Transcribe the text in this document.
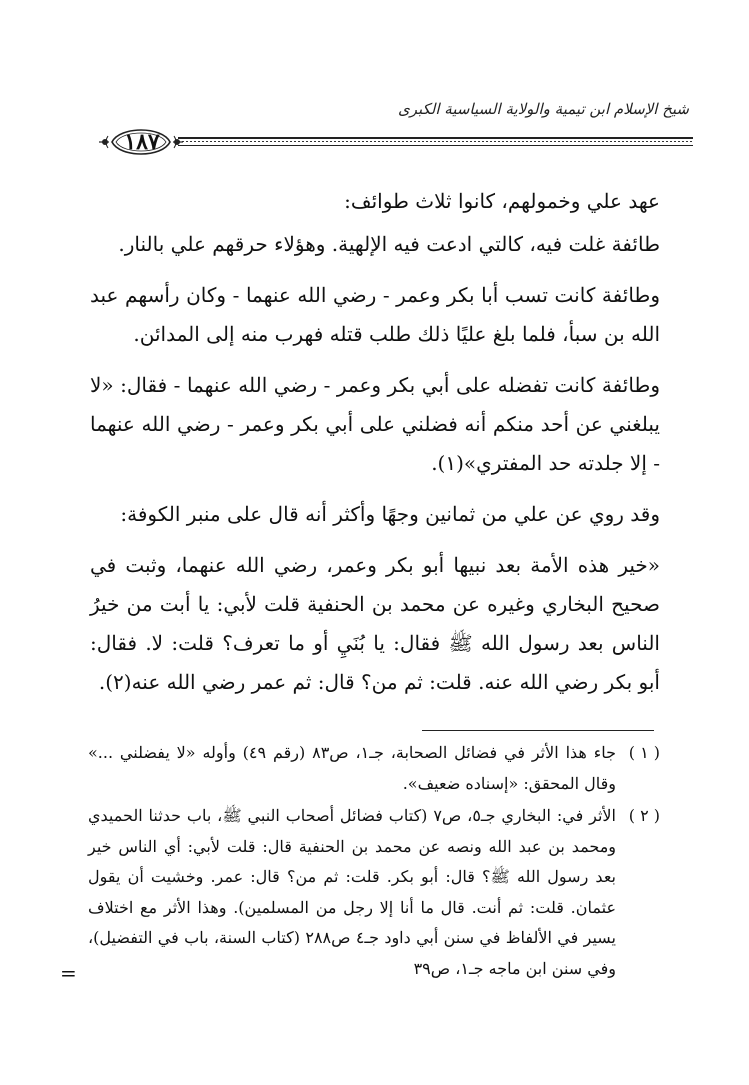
شيخ الإسلام ابن تيمية والولاية السياسية الكبرى
١٨٧

عهد علي وخمولهم، كانوا ثلاث طوائف:

طائفة غلت فيه، كالتي ادعت فيه الإلهية. وهؤلاء حرقهم علي بالنار.

وطائفة كانت تسب أبا بكر وعمر - رضي الله عنهما - وكان رأسهم عبد الله بن سبأ، فلما بلغ عليًا ذلك طلب قتله فهرب منه إلى المدائن.

وطائفة كانت تفضله على أبي بكر وعمر - رضي الله عنهما - فقال: «لا يبلغني عن أحد منكم أنه فضلني على أبي بكر وعمر - رضي الله عنهما - إلا جلدته حد المفتري»(١).

وقد روي عن علي من ثمانين وجهًا وأكثر أنه قال على منبر الكوفة:

«خير هذه الأمة بعد نبيها أبو بكر وعمر، رضي الله عنهما، وثبت في صحيح البخاري وغيره عن محمد بن الحنفية قلت لأبي: يا أبت من خيرُ الناس بعد رسول الله ﷺ فقال: يا بُنَيِ أو ما تعرف؟ قلت: لا. فقال: أبو بكر رضي الله عنه. قلت: ثم من؟ قال: ثم عمر رضي الله عنه(٢).

( ١ )
جاء هذا الأثر في فضائل الصحابة، جـ١، ص٨٣ (رقم ٤٩) وأوله «لا يفضلني ...» وقال المحقق: «إسناده ضعيف».
( ٢ )
الأثر في: البخاري جـ٥، ص٧ (كتاب فضائل أصحاب النبي ﷺ، باب حدثنا الحميدي ومحمد بن عبد الله ونصه عن محمد بن الحنفية قال: قلت لأبي: أي الناس خير بعد رسول الله ﷺ؟ قال: أبو بكر. قلت: ثم من؟ قال: عمر. وخشيت أن يقول عثمان. قلت: ثم أنت. قال ما أنا إلا رجل من المسلمين). وهذا الأثر مع اختلاف يسير في الألفاظ في سنن أبي داود جـ٤ ص٢٨٨ (كتاب السنة، باب في التفضيل)، وفي سنن ابن ماجه جـ١، ص٣٩
=
